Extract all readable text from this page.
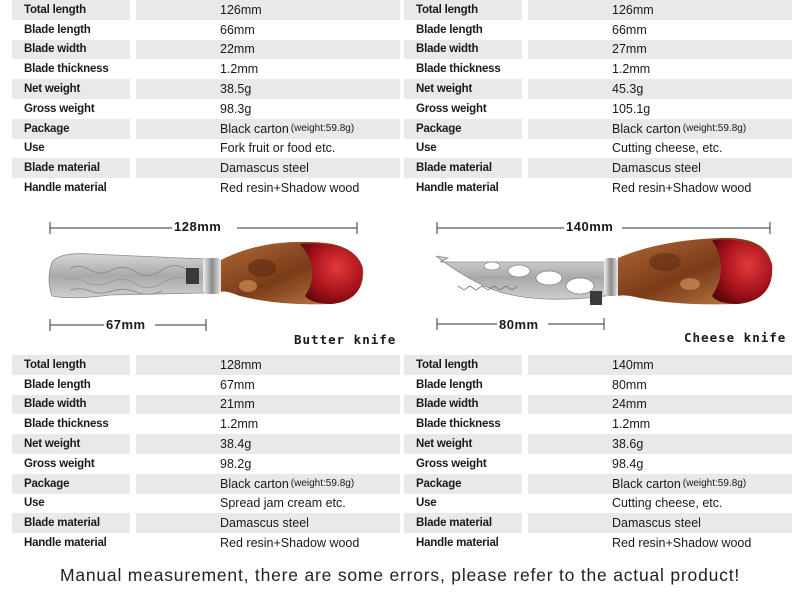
Total length	126mm
Blade length	66mm
Blade width	22mm
Blade thickness	1.2mm
Net weight	38.5g
Gross weight	98.3g
Package	Black carton (weight:59.8g)
Use	Fork fruit or food etc.
Blade material	Damascus steel
Handle material	Red resin+Shadow wood
Total length	126mm
Blade length	66mm
Blade width	27mm
Blade thickness	1.2mm
Net weight	45.3g
Gross weight	105.1g
Package	Black carton (weight:59.8g)
Use	Cutting cheese, etc.
Blade material	Damascus steel
Handle material	Red resin+Shadow wood
Total length	128mm
Blade length	67mm
Blade width	21mm
Blade thickness	1.2mm
Net weight	38.4g
Gross weight	98.2g
Package	Black carton (weight:59.8g)
Use	Spread jam cream etc.
Blade material	Damascus steel
Handle material	Red resin+Shadow wood
Total length	140mm
Blade length	80mm
Blade width	24mm
Blade thickness	1.2mm
Net weight	38.6g
Gross weight	98.4g
Package	Black carton (weight:59.8g)
Use	Cutting cheese, etc.
Blade material	Damascus steel
Handle material	Red resin+Shadow wood
128mm
67mm
Butter knife
140mm
80mm
Cheese knife
Manual measurement, there are some errors, please refer to the actual product!
